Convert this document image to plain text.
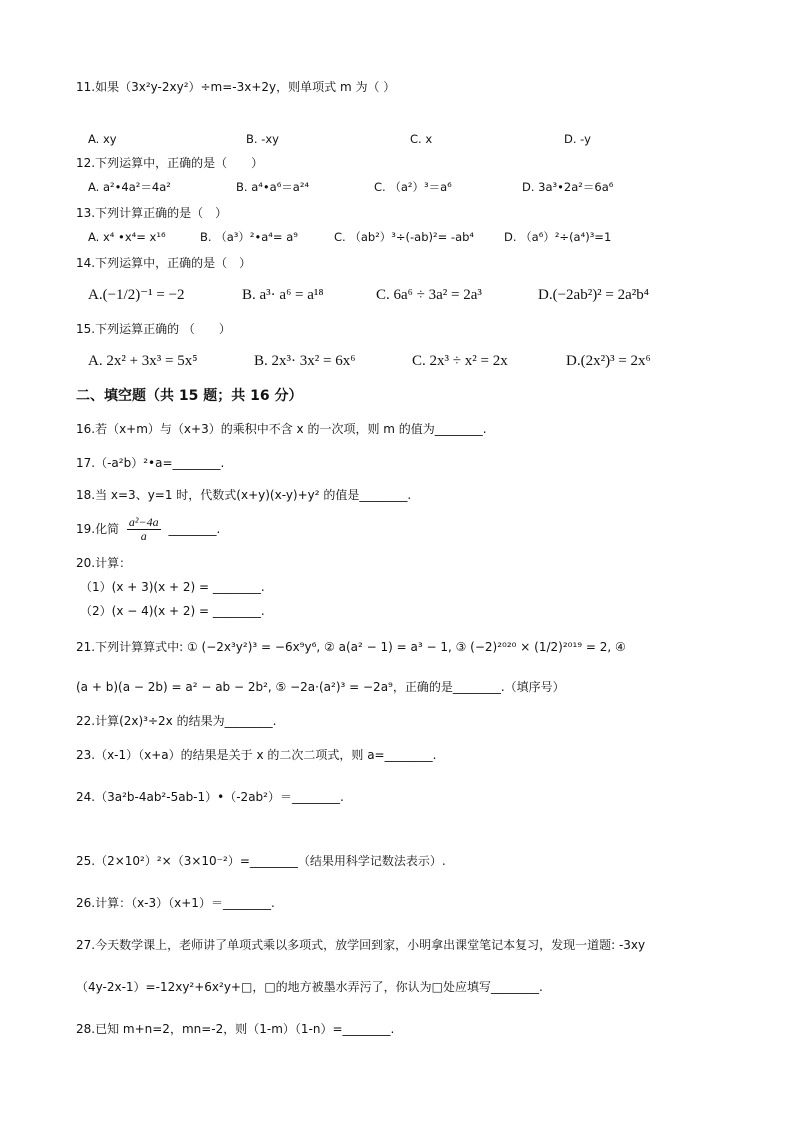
11.如果（3x²y-2xy²）÷m=-3x+2y，则单项式 m 为（ ）
A. xy	B. -xy	C. x	D. -y
12.下列运算中，正确的是（　　）
A. a²•4a²＝4a²	B. a⁴•a⁶＝a²⁴	C. （a²）³＝a⁶	D. 3a³•2a²＝6a⁶
13.下列计算正确的是（　）
A. x⁴ •x⁴= x¹⁶	B. （a³）²•a⁴= a⁹	C. （ab²）³÷(-ab)²= -ab⁴	D. （a⁶）²÷(a⁴)³=1
14.下列运算中，正确的是（　）
A.(−1/2)⁻¹ = −2	B. a³· a⁶ = a¹⁸	C. 6a⁶ ÷ 3a² = 2a³	D.(−2ab²)² = 2a²b⁴
15.下列运算正确的 （　　）
A. 2x² + 3x³ = 5x⁵	B. 2x³· 3x² = 6x⁶	C. 2x³ ÷ x² = 2x	D.(2x²)³ = 2x⁶
二、填空题（共 15 题；共 16 分）
16.若（x+m）与（x+3）的乘积中不含 x 的一次项，则 m 的值为________.
17.（-a²b）²•a=________.
18.当 x=3、y=1 时，代数式(x+y)(x-y)+y² 的值是________.
19.化简 $\frac{\text{a²−4a}}{a}$ ________.
20.计算：
（1）(x + 3)(x + 2) = ________.
（2）(x − 4)(x + 2) = ________.
21.下列计算算式中: ① (−2x³y²)³ = −6x⁹y⁶, ② a(a² − 1) = a³ − 1, ③ (−2)²⁰²⁰ × (1/2)²⁰¹⁹ = 2, ④
(a + b)(a − 2b) = a² − ab − 2b², ⑤ −2a·(a²)³ = −2a⁹，正确的是________.（填序号）
22.计算(2x)³÷2x 的结果为________.
23.（x-1）（x+a）的结果是关于 x 的二次二项式，则 a=________.
24.（3a²b-4ab²-5ab-1）•（-2ab²）＝________.
25.（2×10²）²×（3×10⁻²）=________（结果用科学记数法表示）.
26.计算：（x-3）（x+1）＝________.
27.今天数学课上，老师讲了单项式乘以多项式，放学回到家，小明拿出课堂笔记本复习，发现一道题: -3xy
（4y-2x-1）=-12xy²+6x²y+□，□的地方被墨水弄污了，你认为□处应填写________.
28.已知 m+n=2，mn=-2，则（1-m）（1-n）=________.
